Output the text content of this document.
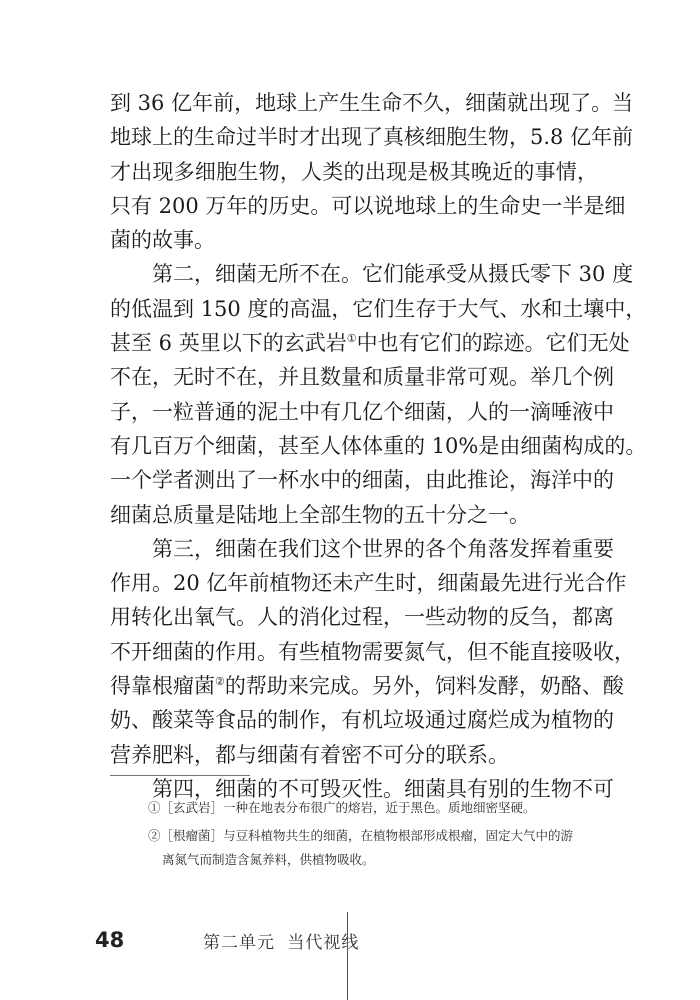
到 36 亿年前，地球上产生生命不久，细菌就出现了。当
地球上的生命过半时才出现了真核细胞生物，5.8 亿年前
才出现多细胞生物，人类的出现是极其晚近的事情，
只有 200 万年的历史。可以说地球上的生命史一半是细
菌的故事。

第二，细菌无所不在。它们能承受从摄氏零下 30 度
的低温到 150 度的高温，它们生存于大气、水和土壤中，
甚至 6 英里以下的玄武岩①中也有它们的踪迹。它们无处
不在，无时不在，并且数量和质量非常可观。举几个例
子，一粒普通的泥土中有几亿个细菌，人的一滴唾液中
有几百万个细菌，甚至人体体重的 10%是由细菌构成的。
一个学者测出了一杯水中的细菌，由此推论，海洋中的
细菌总质量是陆地上全部生物的五十分之一。

第三，细菌在我们这个世界的各个角落发挥着重要
作用。20 亿年前植物还未产生时，细菌最先进行光合作
用转化出氧气。人的消化过程，一些动物的反刍，都离
不开细菌的作用。有些植物需要氮气，但不能直接吸收，
得靠根瘤菌②的帮助来完成。另外，饲料发酵，奶酪、酸
奶、酸菜等食品的制作，有机垃圾通过腐烂成为植物的
营养肥料，都与细菌有着密不可分的联系。

第四，细菌的不可毁灭性。细菌具有别的生物不可

①［玄武岩］一种在地表分布很广的熔岩，近于黑色。质地细密坚硬。

②［根瘤菌］与豆科植物共生的细菌，在植物根部形成根瘤，固定大气中的游
离氮气而制造含氮养料，供植物吸收。

48	第二单元 当代视线
